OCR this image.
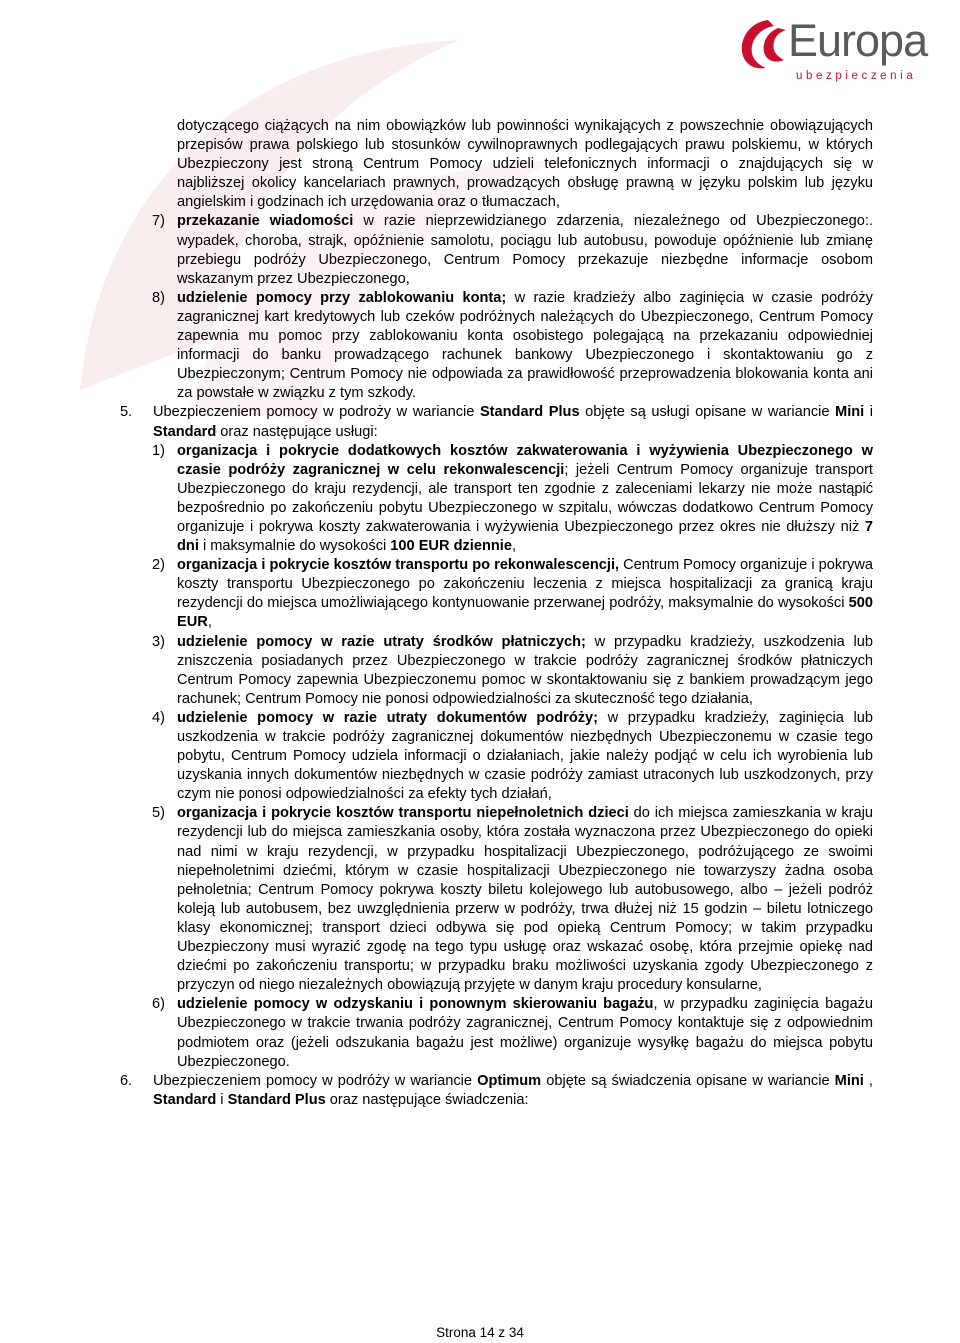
Europa
ubezpieczenia
dotyczącego ciążących na nim obowiązków lub powinności wynikających z powszechnie obowiązujących przepisów prawa polskiego lub stosunków cywilnoprawnych podlegających prawu polskiemu, w których Ubezpieczony jest stroną Centrum Pomocy udzieli telefonicznych informacji o znajdujących się w najbliższej okolicy kancelariach prawnych, prowadzących obsługę prawną w języku polskim lub języku angielskim i godzinach ich urzędowania oraz o tłumaczach,
7) przekazanie wiadomości w razie nieprzewidzianego zdarzenia, niezależnego od Ubezpieczonego:. wypadek, choroba, strajk, opóźnienie samolotu, pociągu lub autobusu, powoduje opóźnienie lub zmianę przebiegu podróży Ubezpieczonego, Centrum Pomocy przekazuje niezbędne informacje osobom wskazanym przez Ubezpieczonego,
8) udzielenie pomocy przy zablokowaniu konta; w razie kradzieży albo zaginięcia w czasie podróży zagranicznej kart kredytowych lub czeków podróżnych należących do Ubezpieczonego, Centrum Pomocy zapewnia mu pomoc przy zablokowaniu konta osobistego polegającą na przekazaniu odpowiedniej informacji do banku prowadzącego rachunek bankowy Ubezpieczonego i skontaktowaniu go z Ubezpieczonym; Centrum Pomocy nie odpowiada za prawidłowość przeprowadzenia blokowania konta ani za powstałe w związku z tym szkody.
5.	Ubezpieczeniem pomocy w podroży w wariancie Standard Plus objęte są usługi opisane w wariancie Mini i Standard oraz następujące usługi:
1) organizacja i pokrycie dodatkowych kosztów zakwaterowania i wyżywienia Ubezpieczonego w czasie podróży zagranicznej w celu rekonwalescencji; jeżeli Centrum Pomocy organizuje transport Ubezpieczonego do kraju rezydencji, ale transport ten zgodnie z zaleceniami lekarzy nie może nastąpić bezpośrednio po zakończeniu pobytu Ubezpieczonego w szpitalu, wówczas dodatkowo Centrum Pomocy organizuje i pokrywa koszty zakwaterowania i wyżywienia Ubezpieczonego przez okres nie dłuższy niż 7 dni i maksymalnie do wysokości 100 EUR dziennie,
2) organizacja i pokrycie kosztów transportu po rekonwalescencji, Centrum Pomocy organizuje i pokrywa koszty transportu Ubezpieczonego po zakończeniu leczenia z miejsca hospitalizacji za granicą kraju rezydencji do miejsca umożliwiającego kontynuowanie przerwanej podróży, maksymalnie do wysokości 500 EUR,
3) udzielenie pomocy w razie utraty środków płatniczych; w przypadku kradzieży, uszkodzenia lub zniszczenia posiadanych przez Ubezpieczonego w trakcie podróży zagranicznej środków płatniczych Centrum Pomocy zapewnia Ubezpieczonemu pomoc w skontaktowaniu się z bankiem prowadzącym jego rachunek; Centrum Pomocy nie ponosi odpowiedzialności za skuteczność tego działania,
4) udzielenie pomocy w razie utraty dokumentów podróży; w przypadku kradzieży, zaginięcia lub uszkodzenia w trakcie podróży zagranicznej dokumentów niezbędnych Ubezpieczonemu w czasie tego pobytu, Centrum Pomocy udziela informacji o działaniach, jakie należy podjąć w celu ich wyrobienia lub uzyskania innych dokumentów niezbędnych w czasie podróży zamiast utraconych lub uszkodzonych, przy czym nie ponosi odpowiedzialności za efekty tych działań,
5) organizacja i pokrycie kosztów transportu niepełnoletnich dzieci do ich miejsca zamieszkania w kraju rezydencji lub do miejsca zamieszkania osoby, która została wyznaczona przez Ubezpieczonego do opieki nad nimi w kraju rezydencji, w przypadku hospitalizacji Ubezpieczonego, podróżującego ze swoimi niepełnoletnimi dziećmi, którym w czasie hospitalizacji Ubezpieczonego nie towarzyszy żadna osoba pełnoletnia; Centrum Pomocy pokrywa koszty biletu kolejowego lub autobusowego, albo – jeżeli podróż koleją lub autobusem, bez uwzględnienia przerw w podróży, trwa dłużej niż 15 godzin – biletu lotniczego klasy ekonomicznej; transport dzieci odbywa się pod opieką Centrum Pomocy; w takim przypadku Ubezpieczony musi wyrazić zgodę na tego typu usługę oraz wskazać osobę, która przejmie opiekę nad dziećmi po zakończeniu transportu; w przypadku braku możliwości uzyskania zgody Ubezpieczonego z przyczyn od niego niezależnych obowiązują przyjęte w danym kraju procedury konsularne,
6) udzielenie pomocy w odzyskaniu i ponownym skierowaniu bagażu, w przypadku zaginięcia bagażu Ubezpieczonego w trakcie trwania podróży zagranicznej, Centrum Pomocy kontaktuje się z odpowiednim podmiotem oraz (jeżeli odszukania bagażu jest możliwe) organizuje wysyłkę bagażu do miejsca pobytu Ubezpieczonego.
6.	Ubezpieczeniem pomocy w podróży w wariancie Optimum objęte są świadczenia opisane w wariancie Mini , Standard i Standard Plus oraz następujące świadczenia:
Strona 14 z 34
